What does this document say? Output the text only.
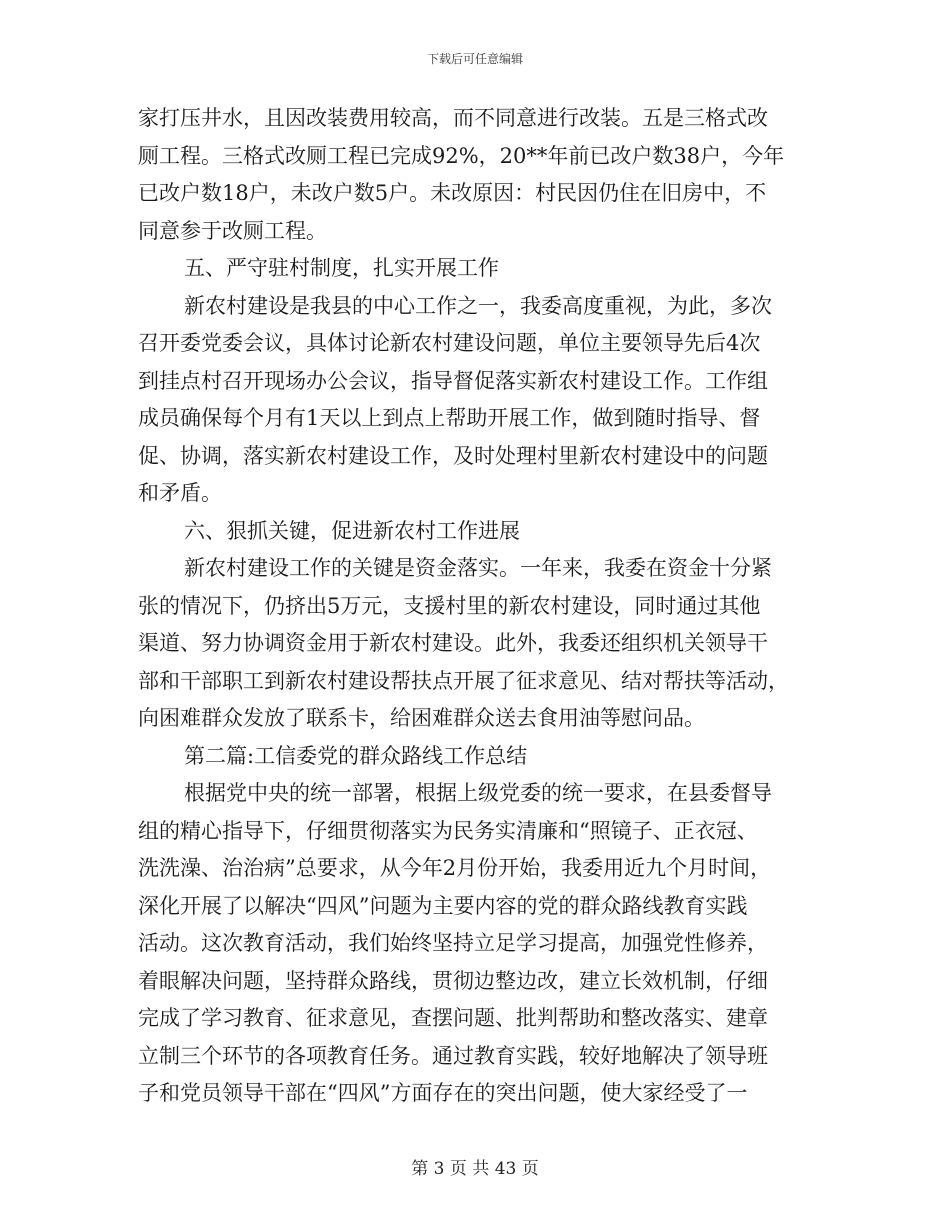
下载后可任意编辑
家打压井水，且因改装费用较高，而不同意进行改装。五是三格式改
厕工程。三格式改厕工程已完成92%，20**年前已改户数38户，今年
已改户数18户，未改户数5户。未改原因：村民因仍住在旧房中，不
同意参于改厕工程。
五、严守驻村制度，扎实开展工作
新农村建设是我县的中心工作之一，我委高度重视，为此，多次
召开委党委会议，具体讨论新农村建设问题，单位主要领导先后4次
到挂点村召开现场办公会议，指导督促落实新农村建设工作。工作组
成员确保每个月有1天以上到点上帮助开展工作，做到随时指导、督
促、协调，落实新农村建设工作，及时处理村里新农村建设中的问题
和矛盾。
六、狠抓关键，促进新农村工作进展
新农村建设工作的关键是资金落实。一年来，我委在资金十分紧
张的情况下，仍挤出5万元，支援村里的新农村建设，同时通过其他
渠道、努力协调资金用于新农村建设。此外，我委还组织机关领导干
部和干部职工到新农村建设帮扶点开展了征求意见、结对帮扶等活动，
向困难群众发放了联系卡，给困难群众送去食用油等慰问品。
第二篇:工信委党的群众路线工作总结
根据党中央的统一部署，根据上级党委的统一要求，在县委督导
组的精心指导下，仔细贯彻落实为民务实清廉和“照镜子、正衣冠、
洗洗澡、治治病”总要求，从今年2月份开始，我委用近九个月时间，
深化开展了以解决“四风”问题为主要内容的党的群众路线教育实践
活动。这次教育活动，我们始终坚持立足学习提高，加强党性修养，
着眼解决问题，坚持群众路线，贯彻边整边改，建立长效机制，仔细
完成了学习教育、征求意见，查摆问题、批判帮助和整改落实、建章
立制三个环节的各项教育任务。通过教育实践，较好地解决了领导班
子和党员领导干部在“四风”方面存在的突出问题，使大家经受了一
第 3 页 共 43 页
